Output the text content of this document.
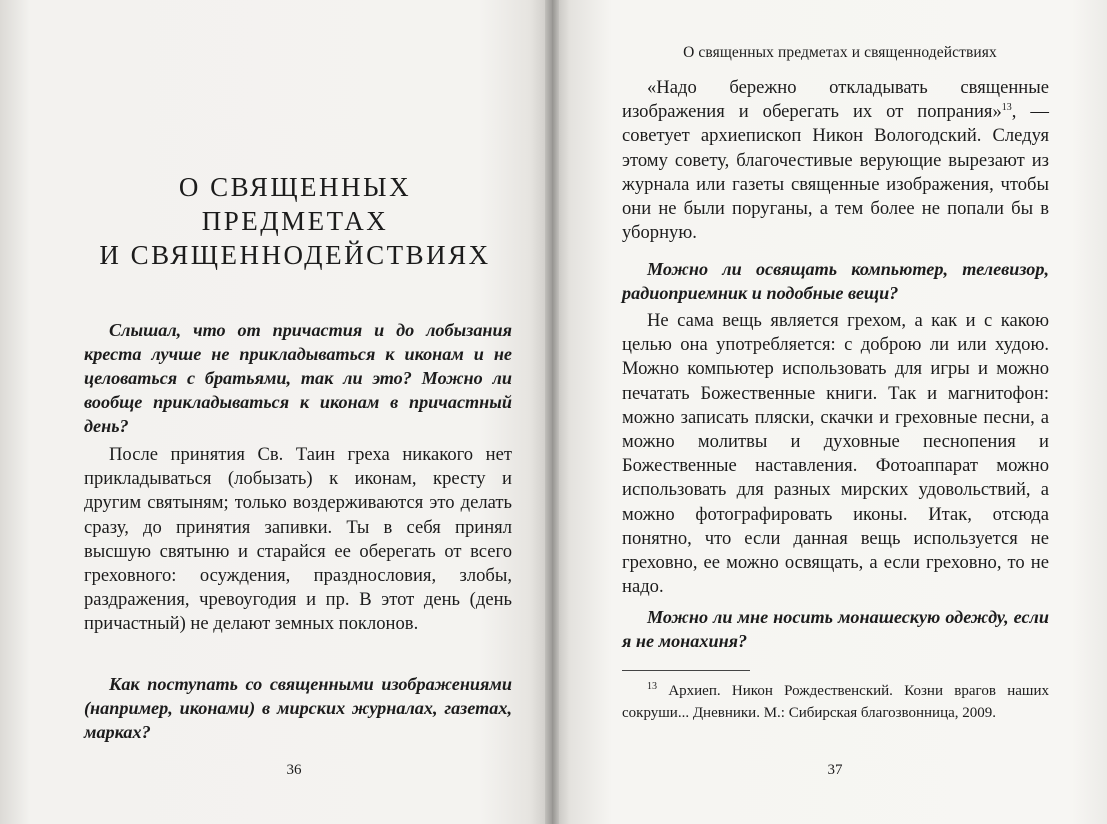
О СВЯЩЕННЫХ
ПРЕДМЕТАХ
И СВЯЩЕННОДЕЙСТВИЯХ
Слышал, что от причастия и до лобызания креста лучше не прикладываться к иконам и не целоваться с братьями, так ли это? Можно ли вообще прикладываться к иконам в причастный день?
После принятия Св. Таин греха никакого нет прикладываться (лобызать) к иконам, кресту и другим святыням; только воздерживаются это делать сразу, до принятия запивки. Ты в себя принял высшую святыню и старайся ее оберегать от всего греховного: осуждения, празднословия, злобы, раздражения, чревоугодия и пр. В этот день (день причастный) не делают земных поклонов.
Как поступать со священными изображениями (например, иконами) в мирских журналах, газетах, марках?
36
О священных предметах и священнодействиях
«Надо бережно откладывать священные изображения и оберегать их от попрания»$^{13}$, — советует архиепископ Никон Вологодский. Следуя этому совету, благочестивые верующие вырезают из журнала или газеты священные изображения, чтобы они не были поруганы, а тем более не попали бы в уборную.
Можно ли освящать компьютер, телевизор, радиоприемник и подобные вещи?
Не сама вещь является грехом, а как и с какою целью она употребляется: с доброю ли или худою. Можно компьютер использовать для игры и можно печатать Божественные книги. Так и магнитофон: можно записать пляски, скачки и греховные песни, а можно молитвы и духовные песнопения и Божественные наставления. Фотоаппарат можно использовать для разных мирских удовольствий, а можно фотографировать иконы. Итак, отсюда понятно, что если данная вещь используется не греховно, ее можно освящать, а если греховно, то не надо.
Можно ли мне носить монашескую одежду, если я не монахиня?
$^{13}$ Архиеп. Никон Рождественский. Козни врагов наших сокруши... Дневники. М.: Сибирская благозвонница, 2009.
37
